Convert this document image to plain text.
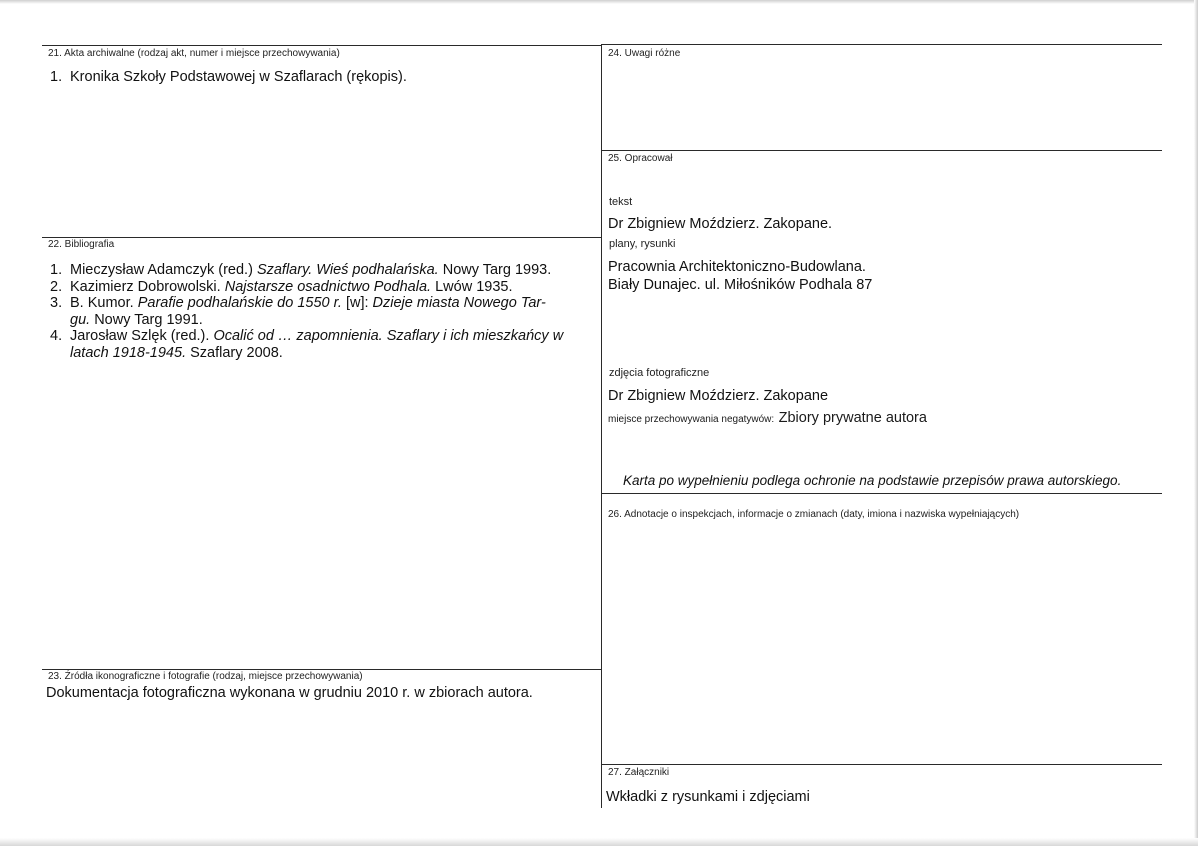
21. Akta archiwalne (rodzaj akt, numer i miejsce przechowywania)
1. Kronika Szkoły Podstawowej w Szaflarach (rękopis).
22. Bibliografia
1. Mieczysław Adamczyk (red.) Szaflary. Wieś podhalańska. Nowy Targ 1993.
2. Kazimierz Dobrowolski. Najstarsze osadnictwo Podhala. Lwów 1935.
3. B. Kumor. Parafie podhalańskie do 1550 r. [w]: Dzieje miasta Nowego Tar-
gu. Nowy Targ 1991.
4. Jarosław Szlęk (red.). Ocalić od … zapomnienia. Szaflary i ich mieszkańcy w
latach 1918-1945. Szaflary 2008.
23. Źródła ikonograficzne i fotografie (rodzaj, miejsce przechowywania)
Dokumentacja fotograficzna wykonana w grudniu 2010 r. w zbiorach autora.
24. Uwagi różne
25. Opracował
tekst
Dr Zbigniew Moździerz. Zakopane.
plany, rysunki
Pracownia Architektoniczno-Budowlana.
Biały Dunajec. ul. Miłośników Podhala 87
zdjęcia fotograficzne
Dr Zbigniew Moździerz. Zakopane
miejsce przechowywania negatywów: Zbiory prywatne autora
Karta po wypełnieniu podlega ochronie na podstawie przepisów prawa autorskiego.
26. Adnotacje o inspekcjach, informacje o zmianach (daty, imiona i nazwiska wypełniających)
27. Załączniki
Wkładki z rysunkami i zdjęciami
